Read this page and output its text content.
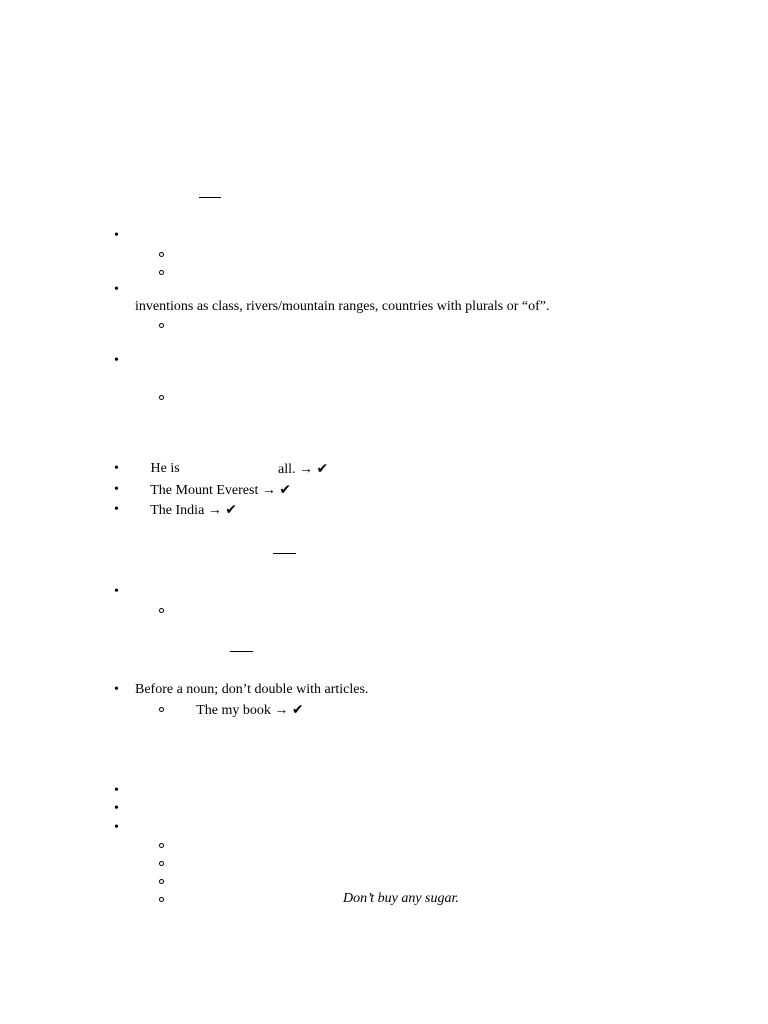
•
•
inventions as class, rivers/mountain ranges, countries with plurals or “of”.
•
•	He is	all. → ✔
•	The Mount Everest → ✔
•	The India → ✔
•
• Before a noun; don’t double with articles.
The my book → ✔
•
•
•
Don’t buy any sugar.
